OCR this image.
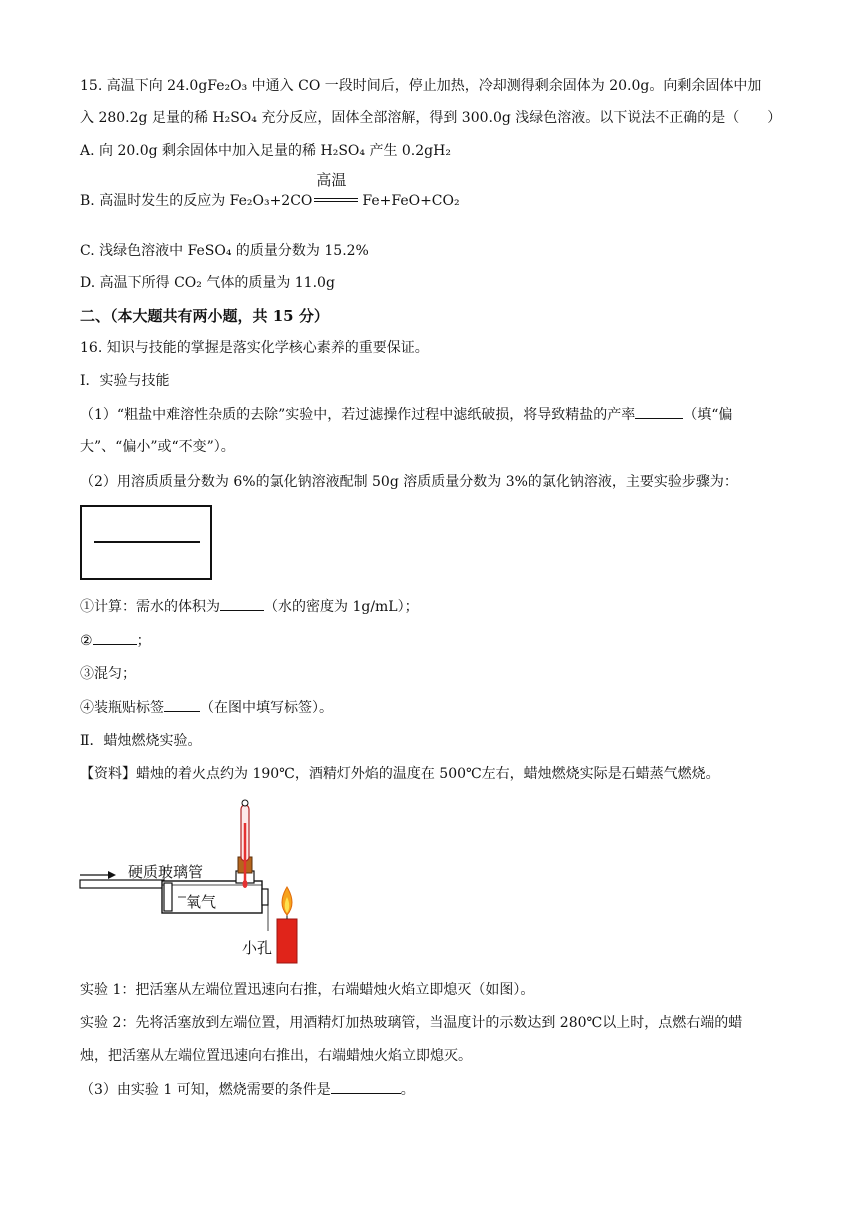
15. 高温下向 24.0gFe₂O₃ 中通入 CO 一段时间后，停止加热，冷却测得剩余固体为 20.0g。向剩余固体中加
入 280.2g 足量的稀 H₂SO₄ 充分反应，固体全部溶解，得到 300.0g 浅绿色溶液。以下说法不正确的是（　　）
A. 向 20.0g 剩余固体中加入足量的稀 H₂SO₄ 产生 0.2gH₂
B. 高温时发生的反应为 Fe₂O₃+2CO
高温
Fe+FeO+CO₂
C. 浅绿色溶液中 FeSO₄ 的质量分数为 15.2%
D. 高温下所得 CO₂ 气体的质量为 11.0g
二、（本大题共有两小题，共 15 分）
16. 知识与技能的掌握是落实化学核心素养的重要保证。
Ⅰ．实验与技能
（1）“粗盐中难溶性杂质的去除”实验中，若过滤操作过程中滤纸破损，将导致精盐的产率	（填“偏
大”、“偏小”或“不变”）。
（2）用溶质质量分数为 6%的氯化钠溶液配制 50g 溶质质量分数为 3%的氯化钠溶液，主要实验步骤为：
①计算：需水的体积为	（水的密度为 1g/mL）；
②	；
③混匀；
④装瓶贴标签	（在图中填写标签）。
Ⅱ．蜡烛燃烧实验。
【资料】蜡烛的着火点约为 190℃，酒精灯外焰的温度在 500℃左右，蜡烛燃烧实际是石蜡蒸气燃烧。
硬质玻璃管
氧气
小孔
实验 1：把活塞从左端位置迅速向右推，右端蜡烛火焰立即熄灭（如图）。
实验 2：先将活塞放到左端位置，用酒精灯加热玻璃管，当温度计的示数达到 280℃以上时，点燃右端的蜡
烛，把活塞从左端位置迅速向右推出，右端蜡烛火焰立即熄灭。
（3）由实验 1 可知，燃烧需要的条件是	。
